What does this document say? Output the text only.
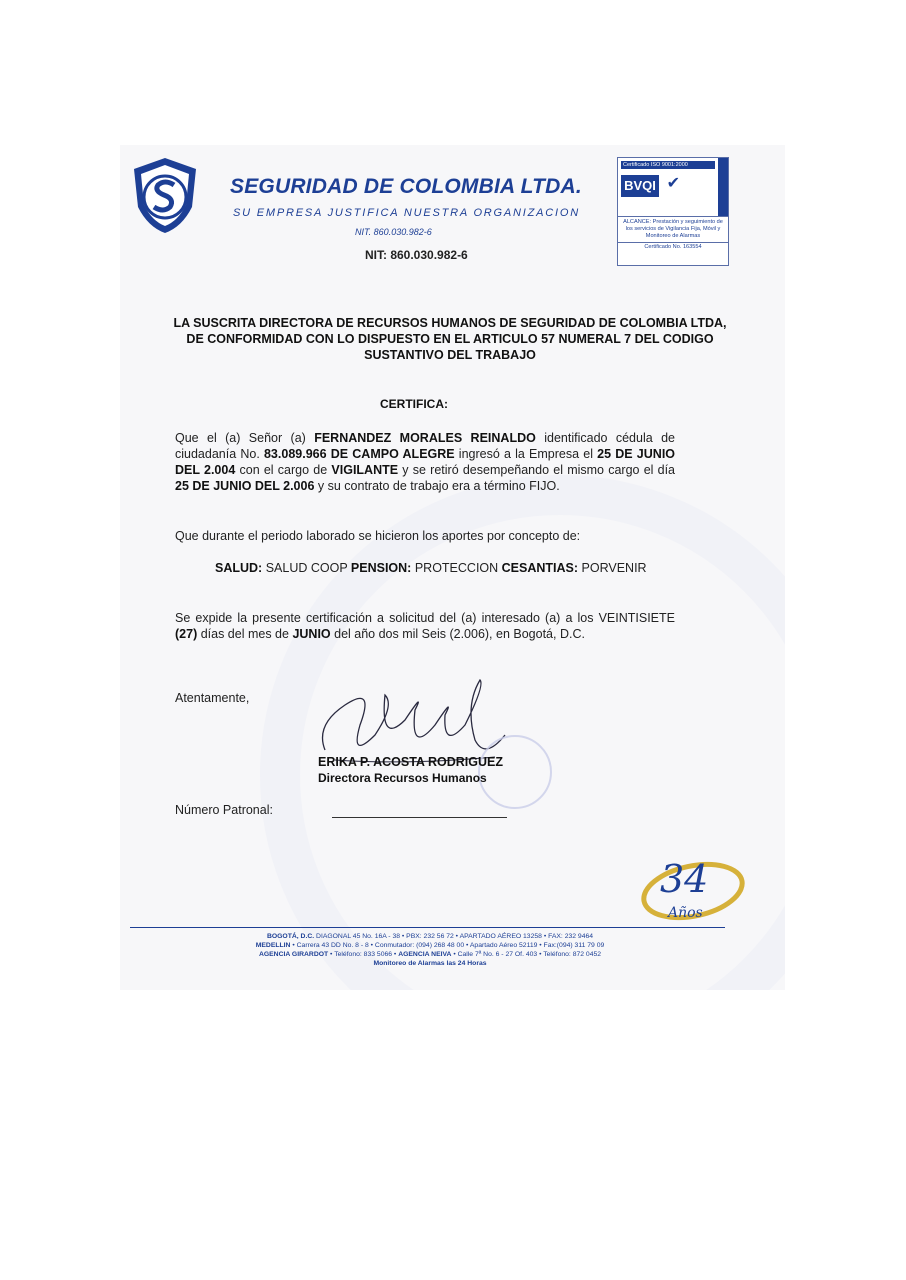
SEGURIDAD DE COLOMBIA LTDA.
SU EMPRESA JUSTIFICA NUESTRA ORGANIZACION
NIT. 860.030.982-6
NIT: 860.030.982-6
Certificado ISO 9001:2000
BVQI ✔
ALCANCE: Prestación y seguimiento de los servicios de Vigilancia Fija, Móvil y Monitoreo de Alarmas
Certificado No. 163554
LA SUSCRITA DIRECTORA DE RECURSOS HUMANOS DE SEGURIDAD DE COLOMBIA LTDA, DE CONFORMIDAD CON LO DISPUESTO EN EL ARTICULO 57 NUMERAL 7 DEL CODIGO SUSTANTIVO DEL TRABAJO
CERTIFICA:
Que el (a) Señor (a) FERNANDEZ MORALES REINALDO identificado cédula de ciudadanía No. 83.089.966 DE CAMPO ALEGRE ingresó a la Empresa el 25 DE JUNIO DEL 2.004 con el cargo de VIGILANTE y se retiró desempeñando el mismo cargo el día 25 DE JUNIO DEL 2.006 y su contrato de trabajo era a término FIJO.
Que durante el periodo laborado se hicieron los aportes por concepto de:
SALUD: SALUD COOP PENSION: PROTECCION CESANTIAS: PORVENIR
Se expide la presente certificación a solicitud del (a) interesado (a) a los VEINTISIETE (27) días del mes de JUNIO del año dos mil Seis (2.006), en Bogotá, D.C.
Atentamente,
ERIKA P. ACOSTA RODRIGUEZ
Directora Recursos Humanos
Número Patronal:
34
Años
BOGOTÁ, D.C. DIAGONAL 45 No. 16A - 38 • PBX: 232 56 72 • APARTADO AÉREO 13258 • FAX: 232 9464
MEDELLIN • Carrera 43 DD No. 8 - 8 • Conmutador: (094) 268 48 00 • Apartado Aéreo 52119 • Fax:(094) 311 79 09
AGENCIA GIRARDOT • Teléfono: 833 5066 • AGENCIA NEIVA • Calle 7ª No. 6 - 27 Of. 403 • Teléfono: 872 0452
Monitoreo de Alarmas las 24 Horas
